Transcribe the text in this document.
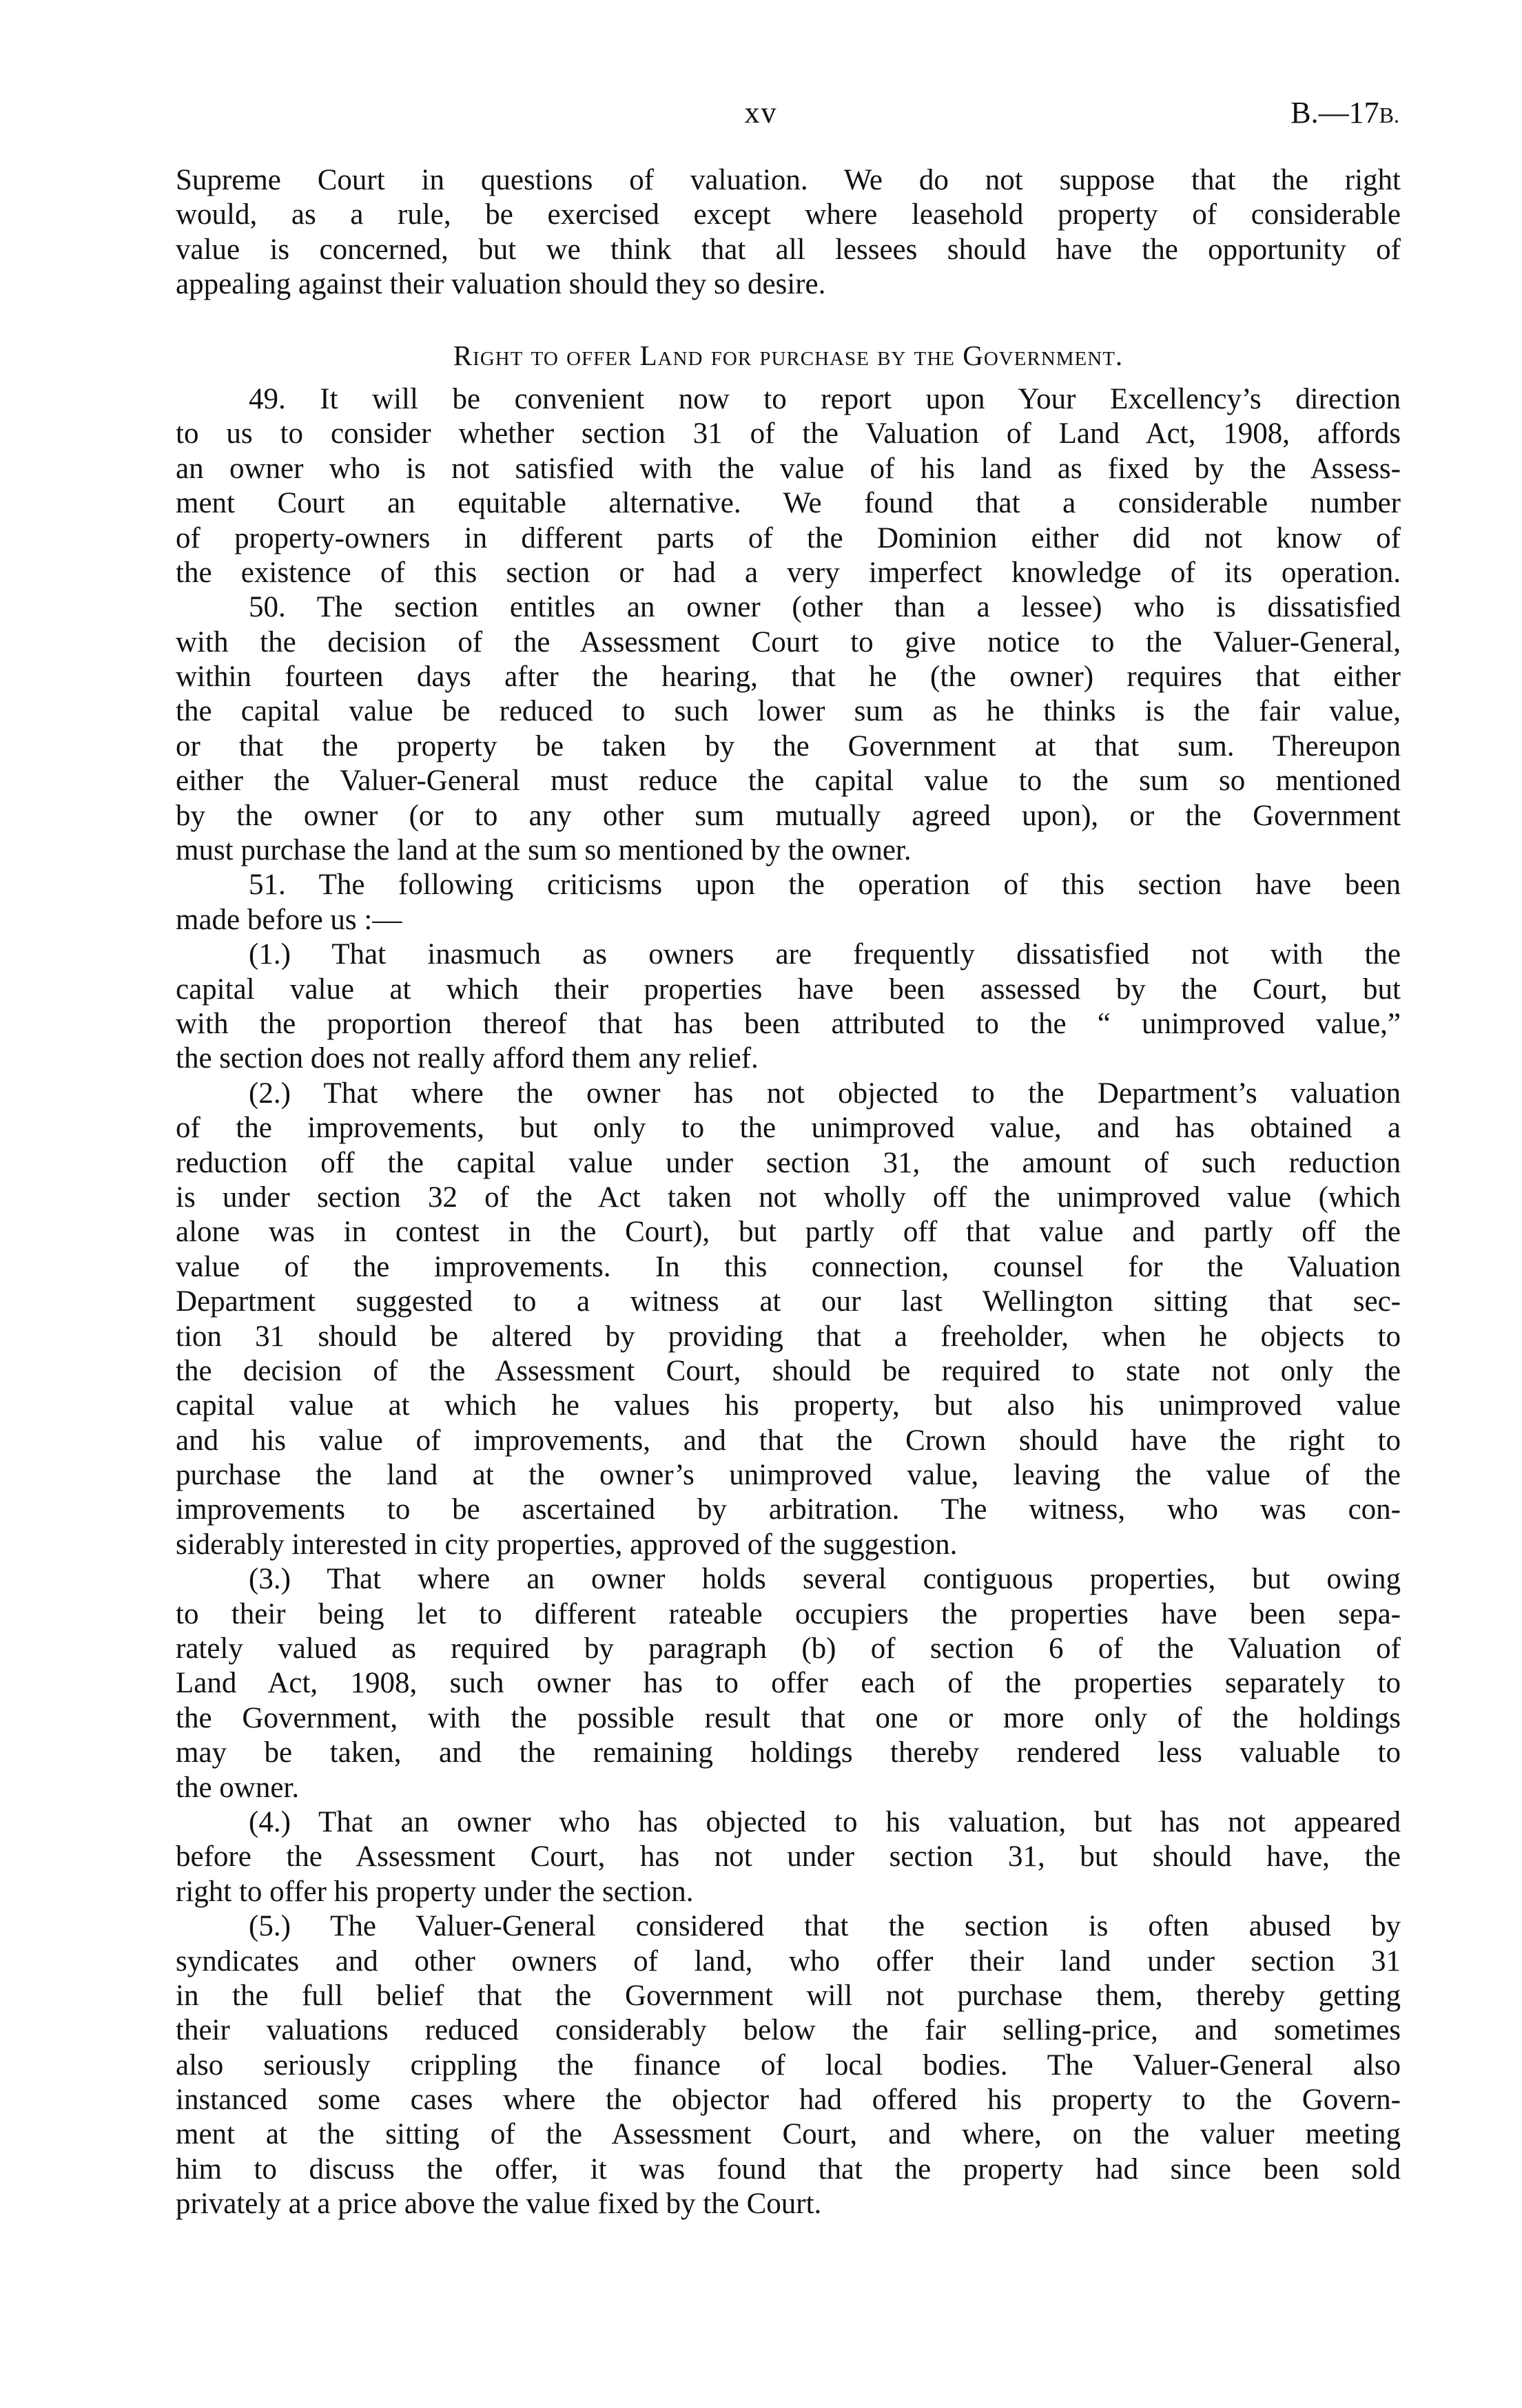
xv	B.—17B.
Supreme Court in questions of valuation. We do not suppose that the right
would, as a rule, be exercised except where leasehold property of considerable
value is concerned, but we think that all lessees should have the opportunity of
appealing against their valuation should they so desire.
Right to offer Land for purchase by the Government.
49. It will be convenient now to report upon Your Excellency’s direction
to us to consider whether section 31 of the Valuation of Land Act, 1908, affords
an owner who is not satisfied with the value of his land as fixed by the Assess-
ment Court an equitable alternative. We found that a considerable number
of property-owners in different parts of the Dominion either did not know of
the existence of this section or had a very imperfect knowledge of its operation.
50. The section entitles an owner (other than a lessee) who is dissatisfied
with the decision of the Assessment Court to give notice to the Valuer-General,
within fourteen days after the hearing, that he (the owner) requires that either
the capital value be reduced to such lower sum as he thinks is the fair value,
or that the property be taken by the Government at that sum. Thereupon
either the Valuer-General must reduce the capital value to the sum so mentioned
by the owner (or to any other sum mutually agreed upon), or the Government
must purchase the land at the sum so mentioned by the owner.
51. The following criticisms upon the operation of this section have been
made before us :—
(1.) That inasmuch as owners are frequently dissatisfied not with the
capital value at which their properties have been assessed by the Court, but
with the proportion thereof that has been attributed to the “ unimproved value,”
the section does not really afford them any relief.
(2.) That where the owner has not objected to the Department’s valuation
of the improvements, but only to the unimproved value, and has obtained a
reduction off the capital value under section 31, the amount of such reduction
is under section 32 of the Act taken not wholly off the unimproved value (which
alone was in contest in the Court), but partly off that value and partly off the
value of the improvements. In this connection, counsel for the Valuation
Department suggested to a witness at our last Wellington sitting that sec-
tion 31 should be altered by providing that a freeholder, when he objects to
the decision of the Assessment Court, should be required to state not only the
capital value at which he values his property, but also his unimproved value
and his value of improvements, and that the Crown should have the right to
purchase the land at the owner’s unimproved value, leaving the value of the
improvements to be ascertained by arbitration. The witness, who was con-
siderably interested in city properties, approved of the suggestion.
(3.) That where an owner holds several contiguous properties, but owing
to their being let to different rateable occupiers the properties have been sepa-
rately valued as required by paragraph (b) of section 6 of the Valuation of
Land Act, 1908, such owner has to offer each of the properties separately to
the Government, with the possible result that one or more only of the holdings
may be taken, and the remaining holdings thereby rendered less valuable to
the owner.
(4.) That an owner who has objected to his valuation, but has not appeared
before the Assessment Court, has not under section 31, but should have, the
right to offer his property under the section.
(5.) The Valuer-General considered that the section is often abused by
syndicates and other owners of land, who offer their land under section 31
in the full belief that the Government will not purchase them, thereby getting
their valuations reduced considerably below the fair selling-price, and sometimes
also seriously crippling the finance of local bodies. The Valuer-General also
instanced some cases where the objector had offered his property to the Govern-
ment at the sitting of the Assessment Court, and where, on the valuer meeting
him to discuss the offer, it was found that the property had since been sold
privately at a price above the value fixed by the Court.
